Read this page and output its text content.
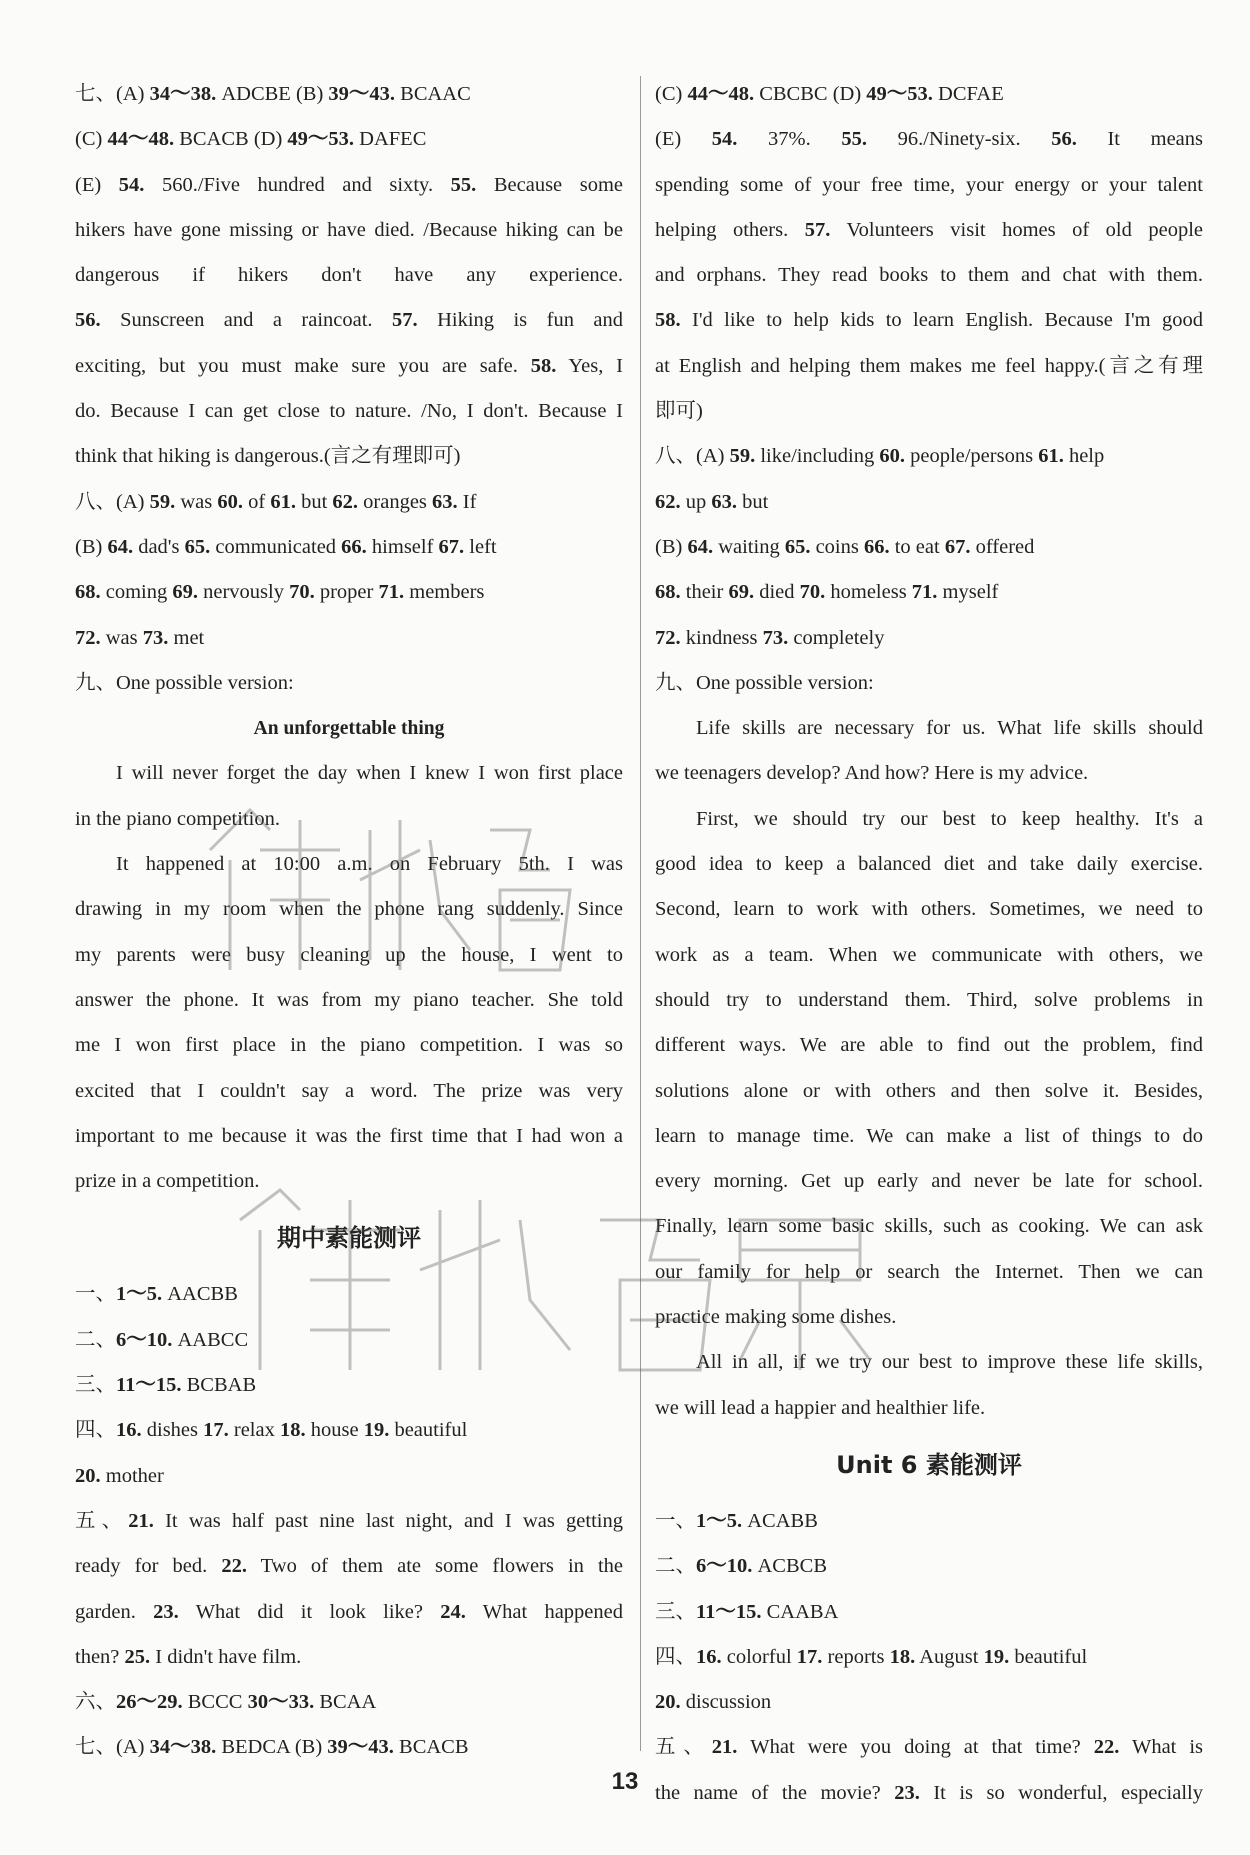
七、(A) 34～38. ADCBE (B) 39～43. BCAAC
(C) 44～48. BCACB (D) 49～53. DAFEC
(E) 54. 560./Five hundred and sixty. 55. Because some
hikers have gone missing or have died. /Because hiking can be
dangerous if hikers don't have any experience.
56. Sunscreen and a raincoat. 57. Hiking is fun and
exciting, but you must make sure you are safe. 58. Yes, I
do. Because I can get close to nature. /No, I don't. Because I
think that hiking is dangerous.(言之有理即可)
八、(A) 59. was 60. of 61. but 62. oranges 63. If
(B) 64. dad's 65. communicated 66. himself 67. left
68. coming 69. nervously 70. proper 71. members
72. was 73. met
九、One possible version:
An unforgettable thing
I will never forget the day when I knew I won first place
in the piano competition.
It happened at 10:00 a.m. on February 5th. I was
drawing in my room when the phone rang suddenly. Since
my parents were busy cleaning up the house, I went to
answer the phone. It was from my piano teacher. She told
me I won first place in the piano competition. I was so
excited that I couldn't say a word. The prize was very
important to me because it was the first time that I had won a
prize in a competition.
期中素能测评
一、1～5. AACBB
二、6～10. AABCC
三、11～15. BCBAB
四、16. dishes 17. relax 18. house 19. beautiful
20. mother
五、21. It was half past nine last night, and I was getting
ready for bed. 22. Two of them ate some flowers in the
garden. 23. What did it look like? 24. What happened
then? 25. I didn't have film.
六、26～29. BCCC 30～33. BCAA
七、(A) 34～38. BEDCA (B) 39～43. BCACB
(C) 44～48. CBCBC (D) 49～53. DCFAE
(E) 54. 37%. 55. 96./Ninety-six. 56. It means
spending some of your free time, your energy or your talent
helping others. 57. Volunteers visit homes of old people
and orphans. They read books to them and chat with them.
58. I'd like to help kids to learn English. Because I'm good
at English and helping them makes me feel happy.(言之有理
即可)
八、(A) 59. like/including 60. people/persons 61. help
62. up 63. but
(B) 64. waiting 65. coins 66. to eat 67. offered
68. their 69. died 70. homeless 71. myself
72. kindness 73. completely
九、One possible version:
Life skills are necessary for us. What life skills should
we teenagers develop? And how? Here is my advice.
First, we should try our best to keep healthy. It's a
good idea to keep a balanced diet and take daily exercise.
Second, learn to work with others. Sometimes, we need to
work as a team. When we communicate with others, we
should try to understand them. Third, solve problems in
different ways. We are able to find out the problem, find
solutions alone or with others and then solve it. Besides,
learn to manage time. We can make a list of things to do
every morning. Get up early and never be late for school.
Finally, learn some basic skills, such as cooking. We can ask
our family for help or search the Internet. Then we can
practice making some dishes.
All in all, if we try our best to improve these life skills,
we will lead a happier and healthier life.
Unit 6 素能测评
一、1～5. ACABB
二、6～10. ACBCB
三、11～15. CAABA
四、16. colorful 17. reports 18. August 19. beautiful
20. discussion
五、21. What were you doing at that time? 22. What is
the name of the movie? 23. It is so wonderful, especially
13
